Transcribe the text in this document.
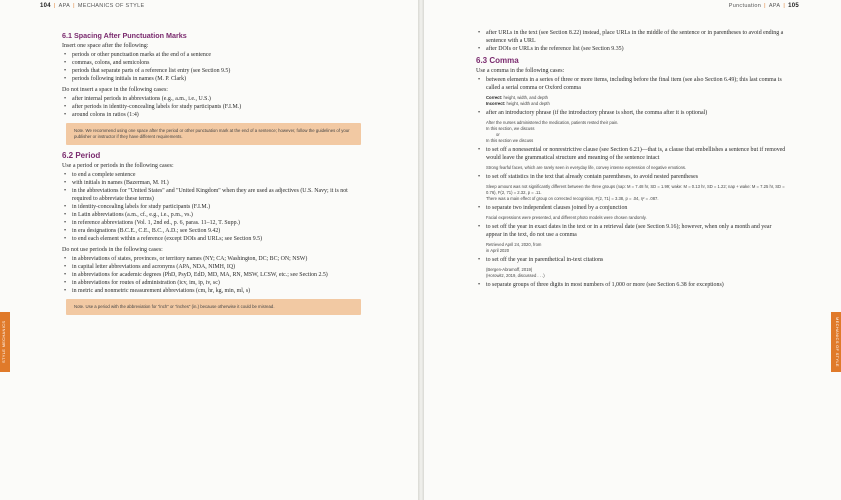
104 | APA | MECHANICS OF STYLE
6.1 Spacing After Punctuation Marks

Insert one space after the following:

• periods or other punctuation marks at the end of a sentence
• commas, colons, and semicolons
• periods that separate parts of a reference list entry (see Section 9.5)
• periods following initials in names (M. P. Clark)

Do not insert a space in the following cases:

• after internal periods in abbreviations (e.g., a.m., i.e., U.S.)
• after periods in identity-concealing labels for study participants (F.I.M.)
• around colons in ratios (1:4)
Note. We recommend using one space after the period or other punctuation mark at the end of a sentence; however, follow the guidelines of your publisher or instructor if they have different requirements.
6.2 Period

Use a period or periods in the following cases:

• to end a complete sentence
• with initials in names (Bazerman, M. H.)
• in the abbreviations for "United States" and "United Kingdom" when they are used as adjectives (U.S. Navy; it is not required to abbreviate these terms)
• in identity-concealing labels for study participants (F.I.M.)
• in Latin abbreviations (a.m., cf., e.g., i.e., p.m., vs.)
• in reference abbreviations (Vol. 1, 2nd ed., p. 6, paras. 11–12, T. Supp.)
• in era designations (B.C.E., C.E., B.C., A.D.; see Section 9.42)
• to end each element within a reference (except DOIs and URLs; see Section 9.5)

Do not use periods in the following cases:

• in abbreviations of states, provinces, or territory names (NY; CA; Washington, DC; BC; ON; NSW)
• in capital letter abbreviations and acronyms (APA, NDA, NIMH, IQ)
• in abbreviations for academic degrees (PhD, PsyD, EdD, MD, MA, RN, MSW, LCSW, etc.; see Section 2.5)
• in abbreviations for routes of administration (icv, im, ip, iv, sc)
• in metric and nonmetric measurement abbreviations (cm, hr, kg, min, ml, s)
Note. Use a period with the abbreviation for "inch" or "inches" (in.) because otherwise it could be misread.
STYLE MECHANICS
Punctuation | APA | 105
• after URLs in the text (see Section 8.22) instead, place URLs in the middle of the sentence or in parentheses to avoid ending a sentence with a URL
• after DOIs or URLs in the reference list (see Section 9.35)
6.3 Comma

Use a comma in the following cases:

• between elements in a series of three or more items, including before the final item (see also Section 6.49); this last comma is called a serial comma or Oxford comma
Correct: height, width, and depth
Incorrect: height, width and depth
• after an introductory phrase (if the introductory phrase is short, the comma after it is optional)
After the nurses administered the medication, patients rested their pain.
In this section, we discuss
or
In this section we discuss
• to set off a nonessential or nonrestrictive clause (see Section 6.21)—that is, a clause that embellishes a sentence but if removed would leave the grammatical structure and meaning of the sentence intact
Strong fearful faces, which are rarely seen in everyday life, convey intense expression of negative emotions.
• to set off statistics in the text that already contain parentheses, to avoid nested parentheses
Sleep amount was not significantly different between the three groups (nap: M = 7.48 hr, SD = 1.99; wake: M = 0.13 hr, SD = 1.22; nap + wake: M = 7.25 hr, SD = 0.76), F(2, 71) = 2.32, p = .11.
There was a main effect of group on corrected recognition, F(2, 71) = 3.38, p = .04, η² = .087.
• to separate two independent clauses joined by a conjunction
Facial expressions were presented, and different photo models were chosen randomly.
• to set off the year in exact dates in the text or in a retrieval date (see Section 9.16); however, when only a month and year appear in the text, do not use a comma
Retrieved April 24, 2020, from
in April 2020
• to set off the year in parenthetical in-text citations
(Bergen-Abramoff, 2019)
(Horowitz, 2019, discussed . . .)
• to separate groups of three digits in most numbers of 1,000 or more (see Section 6.38 for exceptions)
MECHANICS OF STYLE
